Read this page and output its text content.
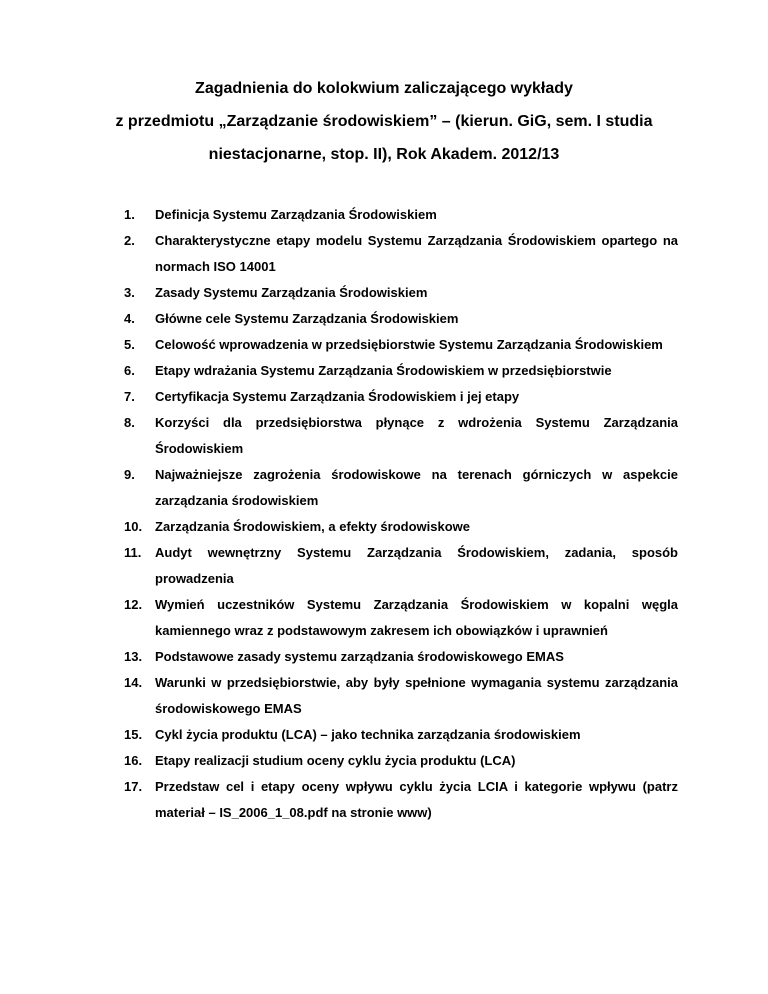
Zagadnienia do kolokwium zaliczającego wykłady
z przedmiotu „Zarządzanie środowiskiem” – (kierun. GiG, sem. I studia
niestacjonarne, stop. II), Rok Akadem. 2012/13
1. Definicja Systemu Zarządzania Środowiskiem
2. Charakterystyczne etapy modelu Systemu Zarządzania Środowiskiem opartego na normach ISO 14001
3. Zasady Systemu Zarządzania Środowiskiem
4. Główne cele Systemu Zarządzania Środowiskiem
5. Celowość wprowadzenia w przedsiębiorstwie Systemu Zarządzania Środowiskiem
6. Etapy wdrażania Systemu Zarządzania Środowiskiem w przedsiębiorstwie
7. Certyfikacja Systemu Zarządzania Środowiskiem i jej etapy
8. Korzyści dla przedsiębiorstwa płynące z wdrożenia Systemu Zarządzania Środowiskiem
9. Najważniejsze zagrożenia środowiskowe na terenach górniczych w aspekcie zarządzania środowiskiem
10. Zarządzania Środowiskiem, a efekty środowiskowe
11. Audyt wewnętrzny Systemu Zarządzania Środowiskiem, zadania, sposób prowadzenia
12. Wymień uczestników Systemu Zarządzania Środowiskiem w kopalni węgla kamiennego wraz z podstawowym zakresem ich obowiązków i uprawnień
13. Podstawowe zasady systemu zarządzania środowiskowego EMAS
14. Warunki w przedsiębiorstwie, aby były spełnione wymagania systemu zarządzania środowiskowego EMAS
15. Cykl życia produktu (LCA) – jako technika zarządzania środowiskiem
16. Etapy realizacji studium oceny cyklu życia produktu (LCA)
17. Przedstaw cel i etapy oceny wpływu cyklu życia LCIA i kategorie wpływu (patrz materiał – IS_2006_1_08.pdf na stronie www)
